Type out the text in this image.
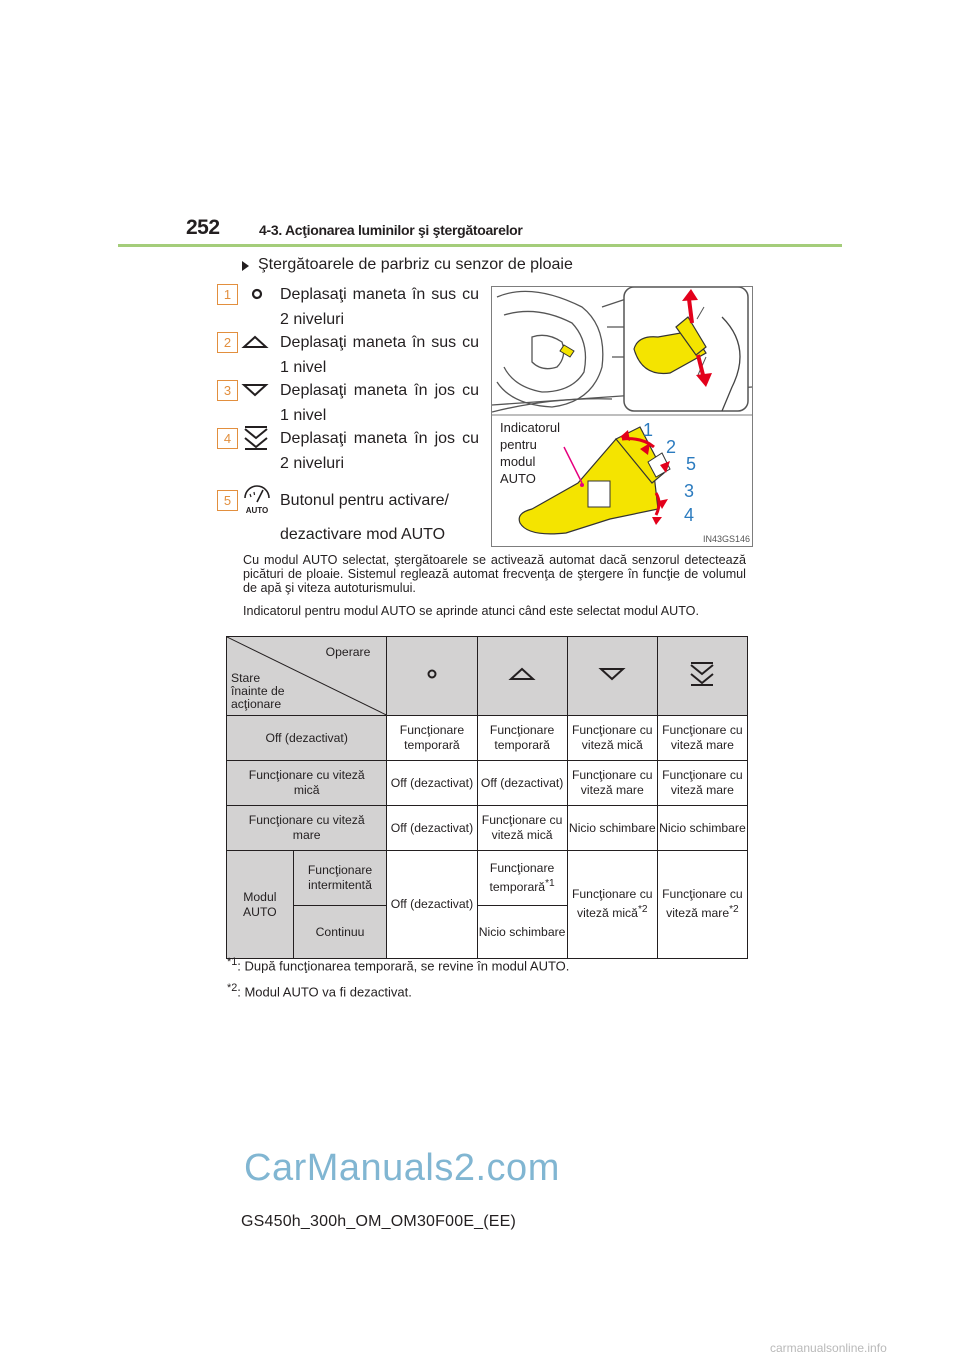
252	4-3. Acţionarea luminilor şi ştergătoarelor
Ştergătoarele de parbriz cu senzor de ploaie
1	Deplasaţi maneta în sus cu 2 niveluri
2	Deplasaţi maneta în sus cu 1 nivel
3	Deplasaţi maneta în jos cu 1 nivel
4	Deplasaţi maneta în jos cu 2 niveluri
5
AUTO
Butonul pentru activare/ dezactivare mod AUTO
Indicatorul
pentru
modul
AUTO
1
2
5
3
4
IN43GS146
Cu modul AUTO selectat, ştergătoarele se activează automat dacă senzorul detectează picături de ploaie. Sistemul reglează automat frecvenţa de ştergere în funcţie de volumul de apă şi viteza autoturismului.
Indicatorul pentru modul AUTO se aprinde atunci când este selectat modul AUTO.
Operare
Stare
înainte de
acţionare

Off (dezactivat)		Funcţionare temporară	Funcţionare temporară	Funcţionare cu viteză mică	Funcţionare cu viteză mare
Funcţionare cu viteză mică		Off (dezactivat)	Off (dezactivat)	Funcţionare cu viteză mare	Funcţionare cu viteză mare
Funcţionare cu viteză mare		Off (dezactivat)	Funcţionare cu viteză mică	Nicio schimbare	Nicio schimbare
Modul AUTO	Funcţionare intermitentă	Off (dezactivat)	Funcţionare temporară$^{*1}$	Funcţionare cu viteză mică$^{*2}$	Funcţionare cu viteză mare$^{*2}$
	Continuu		Nicio schimbare		
$^{*1}$: După funcţionarea temporară, se revine în modul AUTO.
$^{*2}$: Modul AUTO va fi dezactivat.
CarManuals2.com
GS450h_300h_OM_OM30F00E_(EE)
carmanualsonline.info
